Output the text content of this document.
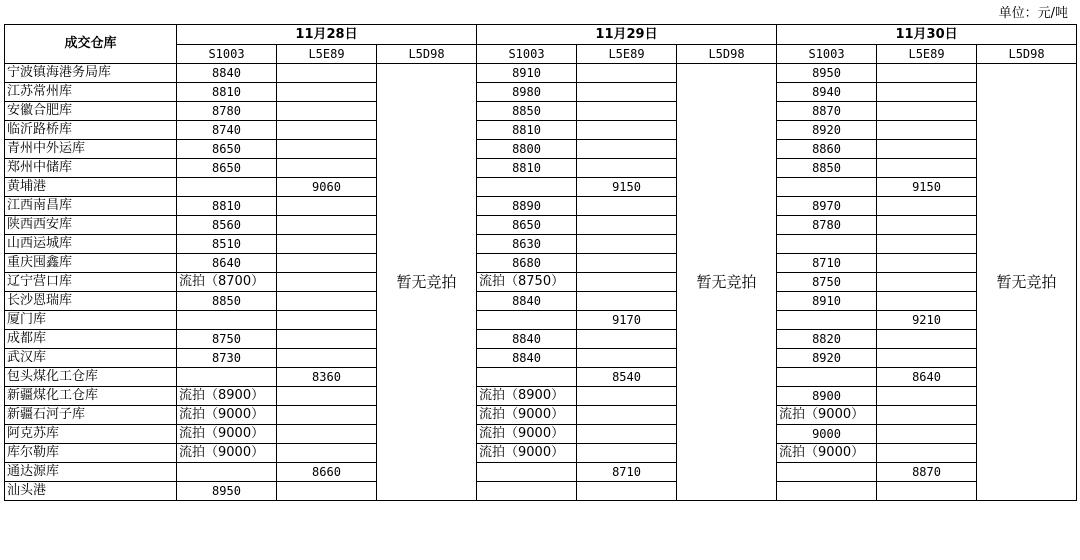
单位：元/吨
成交仓库	11月28日			11月29日			11月30日		
	S1003	L5E89	L5D98	S1003	L5E89	L5D98	S1003	L5E89	L5D98
宁波镇海港务局库	8840		暂无竞拍	8910		暂无竞拍	8950		暂无竞拍
江苏常州库	8810			8980			8940		
安徽合肥库	8780			8850			8870		
临沂路桥库	8740			8810			8920		
青州中外运库	8650			8800			8860		
郑州中储库	8650			8810			8850		
黄埔港		9060			9150			9150	
江西南昌库	8810			8890			8970		
陕西西安库	8560			8650			8780		
山西运城库	8510			8630					
重庆囤鑫库	8640			8680			8710		
辽宁营口库	流拍（8700）			流拍（8750）			8750		
长沙恩瑞库	8850			8840			8910		
厦门库					9170			9210	
成都库	8750			8840			8820		
武汉库	8730			8840			8920		
包头煤化工仓库		8360			8540			8640	
新疆煤化工仓库	流拍（8900）			流拍（8900）			8900		
新疆石河子库	流拍（9000）			流拍（9000）			流拍（9000）		
阿克苏库	流拍（9000）			流拍（9000）			9000		
库尔勒库	流拍（9000）			流拍（9000）			流拍（9000）		
通达源库		8660			8710			8870	
汕头港	8950								
